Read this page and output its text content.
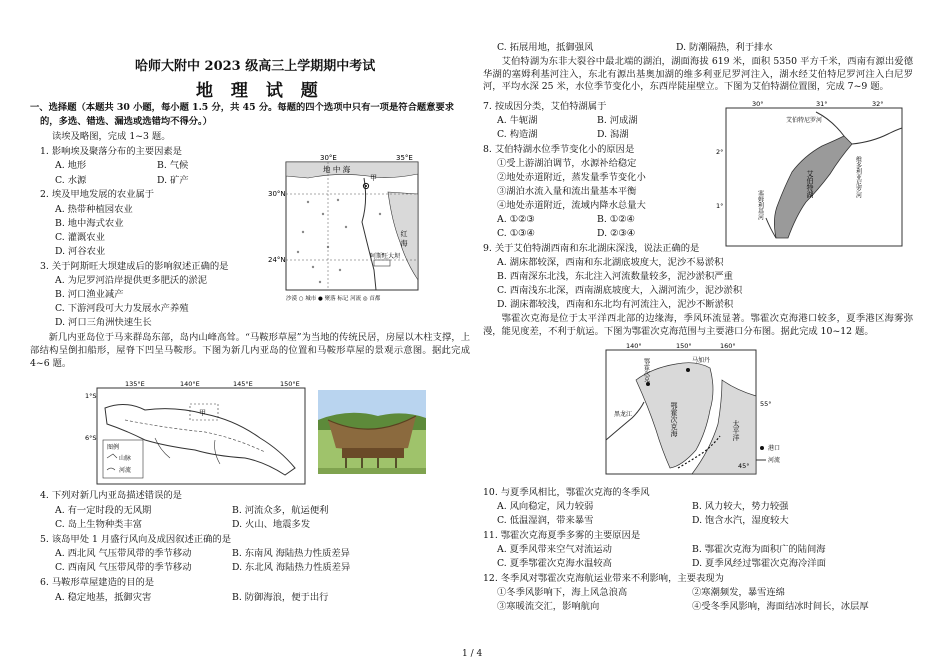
哈师大附中 2023 级高三上学期期中考试
地 理 试 题
一、选择题（本题共 30 小题，每小题 1.5 分，共 45 分。每题的四个选项中只有一项是符合题意要求
的，多选、错选、漏选或选错均不得分。）
读埃及略图，完成 1~3 题。
1. 影响埃及聚落分布的主要因素是
A. 地形	B. 气候
C. 水源	D. 矿产
2. 埃及甲地发展的农业属于
A. 热带种植园农业
B. 地中海式农业
C. 灌溉农业
D. 河谷农业
3. 关于阿斯旺大坝建成后的影响叙述正确的是
A. 为尼罗河沿岸提供更多肥沃的淤泥
B. 河口渔业减产
C. 下游河段可大力发展水产养殖
D. 河口三角洲快速生长
30°E	35°E
30°N
24°N
地 中 海
红 海
甲
阿斯旺大坝
沙漠 ○ 城市 ● 聚落 标记 河流 ◎ 首都
新几内亚岛位于马来群岛东部，岛内山峰高耸。“马鞍形草屋”为当地的传统民居，房屋以木柱支撑，上部结构呈倒扣船形，屋脊下凹呈马鞍形。下图为新几内亚岛的位置和马鞍形草屋的景观示意图。据此完成 4~6 题。
135°E	140°E	145°E	150°E
1°S
6°S
甲
图例
山脉
河流
4. 下列对新几内亚岛描述错误的是
A. 有一定时段的无风期	B. 河流众多，航运便利
C. 岛上生物种类丰富	D. 火山、地震多发
5. 该岛甲处 1 月盛行风向及成因叙述正确的是
A. 西北风 气压带风带的季节移动	B. 东南风 海陆热力性质差异
C. 西南风 气压带风带的季节移动	D. 东北风 海陆热力性质差异
6. 马鞍形草屋建造的目的是
A. 稳定地基，抵御灾害	B. 防御海浪，便于出行
C. 拓展用地，抵御强风	D. 防潮隔热，利于排水
艾伯特湖为东非大裂谷中最北端的湖泊，湖面海拔 619 米，面积 5350 平方千米，西南有源出爱德华湖的塞姆利基河注入，东北有源出基奥加湖的维多利亚尼罗河注入，湖水经艾伯特尼罗河注入白尼罗河，平均水深 25 米，水位季节变化小，东西岸陡崖壁立。下图为艾伯特湖位置图，完成 7~9 题。
7. 按成因分类，艾伯特湖属于
A. 牛轭湖	B. 河成湖
C. 构造湖	D. 潟湖
8. 艾伯特湖水位季节变化小的原因是
①受上游湖泊调节，水源补给稳定
②地处赤道附近，蒸发量季节变化小
③湖泊水流入量和流出量基本平衡
④地处赤道附近，流域内降水总量大
A. ①②③	B. ①②④
C. ①③④	D. ②③④
30°	31°	32°
2°
1°
艾伯特尼罗河
维多利亚尼罗河
艾伯特湖
塞姆利基河
9. 关于艾伯特湖西南和东北湖床深浅，说法正确的是
A. 湖床都较深，西南和东北湖底坡度大，泥沙不易淤积
B. 西南深东北浅，东北注入河流数量较多，泥沙淤积严重
C. 西南浅东北深，西南湖底坡度大，入湖河流少，泥沙淤积
D. 湖床都较浅，西南和东北均有河流注入，泥沙不断淤积
鄂霍次克海是位于太平洋西北部的边缘海，季风环流显著。鄂霍次克海港口较多，夏季港区海雾弥漫，能见度差，不利于航运。下图为鄂霍次克海范围与主要港口分布图。据此完成 10~12 题。
140°	150°	160°
55°
45°
鄂霍次克	马加丹
鄂霍次克海	太平洋
黑龙江
港口
河流
10. 与夏季风相比，鄂霍次克海的冬季风
A. 风向稳定，风力较弱	B. 风力较大，势力较强
C. 低温湿润，带来暴雪	D. 饱含水汽，湿度较大
11. 鄂霍次克海夏季多雾的主要原因是
A. 夏季风带来空气对流运动	B. 鄂霍次克海为面积广的陆间海
C. 夏季鄂霍次克海水温较高	D. 夏季风经过鄂霍次克海冷洋面
12. 冬季风对鄂霍次克海航运业带来不利影响，主要表现为
①冬季风影响下，海上风急浪高	②寒潮频发，暴雪连绵
③寒暖流交汇，影响航向	④受冬季风影响，海面结冰时间长，冰层厚
1 / 4
